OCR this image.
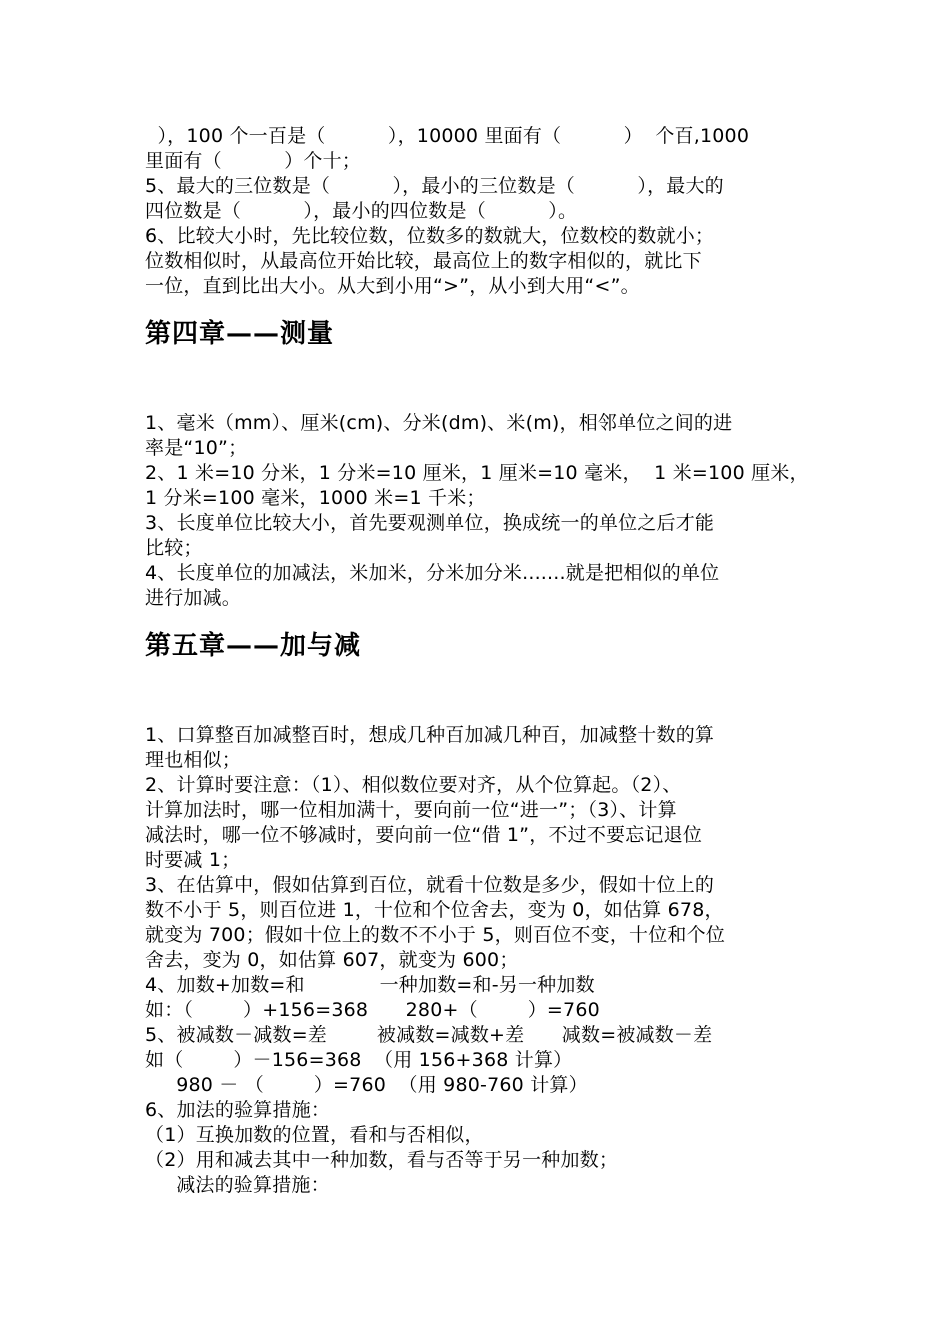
），100 个一百是（          ），10000 里面有（          ）  个百,1000

里面有（          ）个十；

5、最大的三位数是（          ），最小的三位数是（          ），最大的

四位数是（          ），最小的四位数是（          ）。

6、比较大小时，先比较位数，位数多的数就大，位数校的数就小；

位数相似时，从最高位开始比较，最高位上的数字相似的，就比下

一位，直到比出大小。从大到小用“>”，从小到大用“<”。

第四章——测量

1、毫米（mm）、厘米(cm)、分米(dm)、米(m)，相邻单位之间的进

率是“10”；

2、1 米=10 分米，1 分米=10 厘米，1 厘米=10 毫米，  1 米=100 厘米，

1 分米=100 毫米，1000 米=1 千米；

3、长度单位比较大小，首先要观测单位，换成统一的单位之后才能

比较；

4、长度单位的加减法，米加米，分米加分米.......就是把相似的单位

进行加减。

第五章——加与减

1、口算整百加减整百时，想成几种百加减几种百，加减整十数的算

理也相似；

2、计算时要注意：（1）、相似数位要对齐，从个位算起。（2）、

计算加法时，哪一位相加满十，要向前一位“进一”；（3）、计算

减法时，哪一位不够减时，要向前一位“借 1”，不过不要忘记退位

时要减 1；

3、在估算中，假如估算到百位，就看十位数是多少，假如十位上的

数不小于 5，则百位进 1，十位和个位舍去，变为 0，如估算 678，

就变为 700；假如十位上的数不不小于 5，则百位不变，十位和个位

舍去，变为 0，如估算 607，就变为 600；

4、加数+加数=和            一种加数=和-另一种加数

如：（        ）+156=368      280+（        ）=760

5、被减数－减数=差        被减数=减数+差      减数=被减数－差

如（        ）－156=368  （用 156+368 计算）

980 － （        ）=760  （用 980-760 计算）

6、加法的验算措施：

（1）互换加数的位置，看和与否相似，

（2）用和减去其中一种加数，看与否等于另一种加数；

减法的验算措施：
